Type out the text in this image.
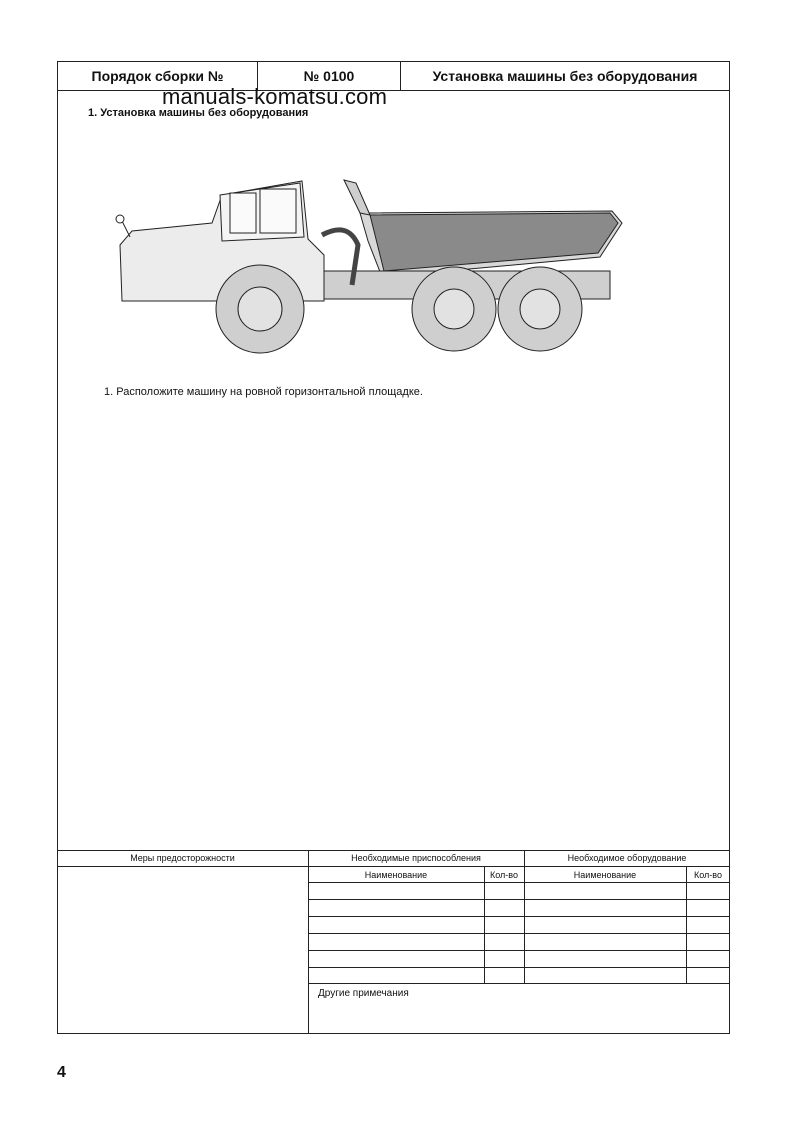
Порядок сборки №	№ 0100	Установка машины без оборудования
manuals-komatsu.com
1. Установка машины без оборудования
1. Расположите машину на ровной горизонтальной площадке.
Меры предосторожности	Необходимые приспособления	Необходимое оборудование
Наименование	Кол-во	Наименование	Кол-во
Другие примечания
4
